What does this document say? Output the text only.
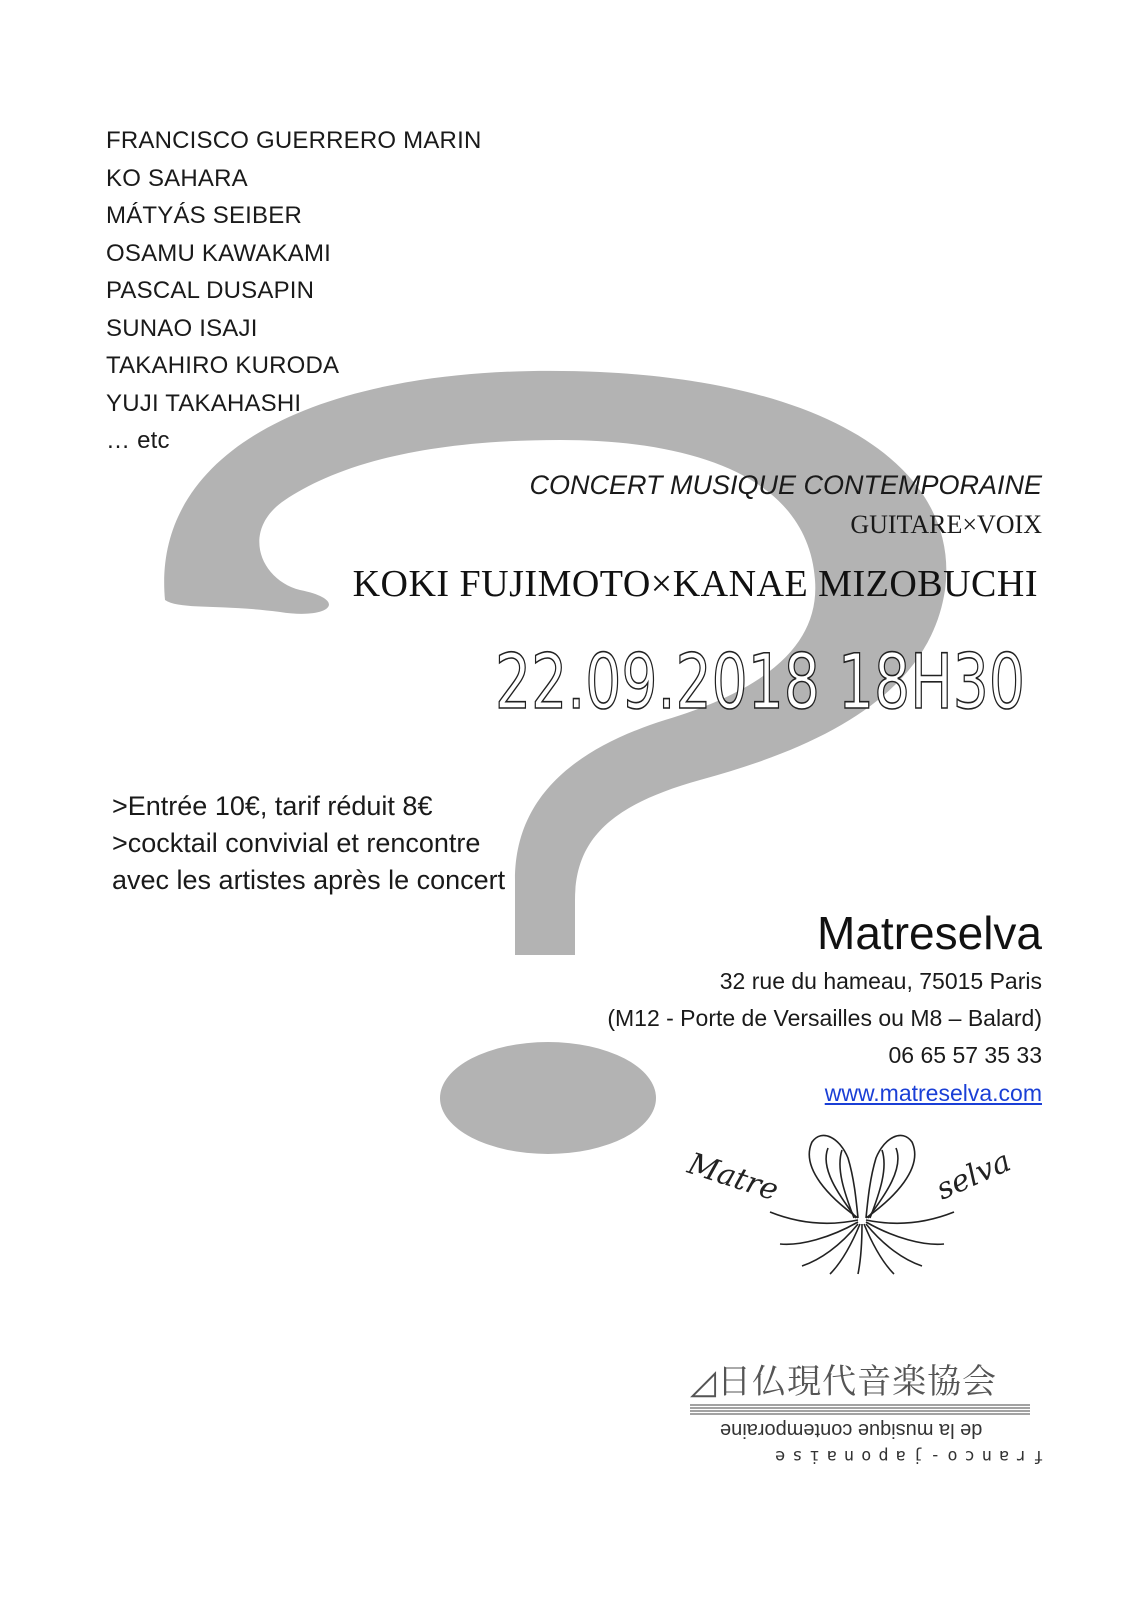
FRANCISCO GUERRERO MARIN
KO SAHARA
MÁTYÁS SEIBER
OSAMU KAWAKAMI
PASCAL DUSAPIN
SUNAO ISAJI
TAKAHIRO KURODA
YUJI TAKAHASHI
… etc
CONCERT MUSIQUE CONTEMPORAINE
GUITARE×VOIX
KOKI FUJIMOTO×KANAE MIZOBUCHI
22.09.2018 18H30
>Entrée 10€, tarif réduit 8€
>cocktail convivial et rencontre
avec les artistes après le concert
Matreselva
32 rue du hameau, 75015 Paris
(M12 - Porte de Versailles ou M8 – Balard)
06 65 57 35 33
www.matreselva.com
Matre	selva
◿日仏現代音楽協会
de la musique contemporaine
franco-japonaise
